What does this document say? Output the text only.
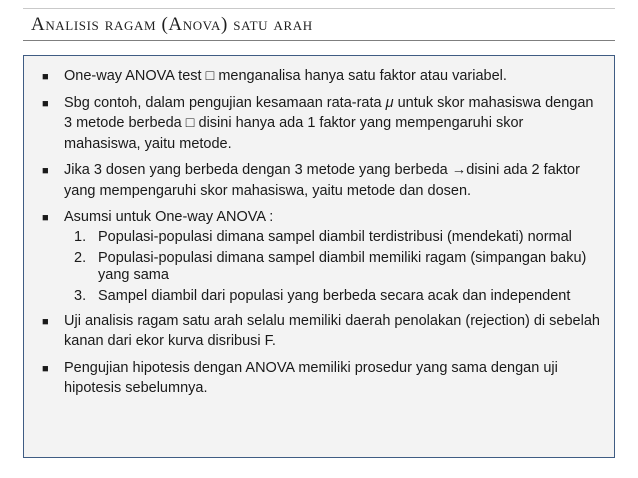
Analisis ragam (Anova) satu arah
■ One-way ANOVA test □ menganalisa hanya satu faktor atau variabel.
■ Sbg contoh, dalam pengujian kesamaan rata-rata μ untuk skor mahasiswa dengan 3 metode berbeda □ disini hanya ada 1 faktor yang mempengaruhi skor mahasiswa, yaitu metode.
■ Jika 3 dosen yang berbeda dengan 3 metode yang berbeda →disini ada 2 faktor yang mempengaruhi skor mahasiswa, yaitu metode dan dosen.
■ Asumsi untuk One-way ANOVA :
1. Populasi-populasi dimana sampel diambil terdistribusi (mendekati) normal
2. Populasi-populasi dimana sampel diambil memiliki ragam (simpangan baku) yang sama
3. Sampel diambil dari populasi yang berbeda secara acak dan independent
■ Uji analisis ragam satu arah selalu memiliki daerah penolakan (rejection) di sebelah kanan dari ekor kurva disribusi F.
■ Pengujian hipotesis dengan ANOVA memiliki prosedur yang sama dengan uji hipotesis sebelumnya.
